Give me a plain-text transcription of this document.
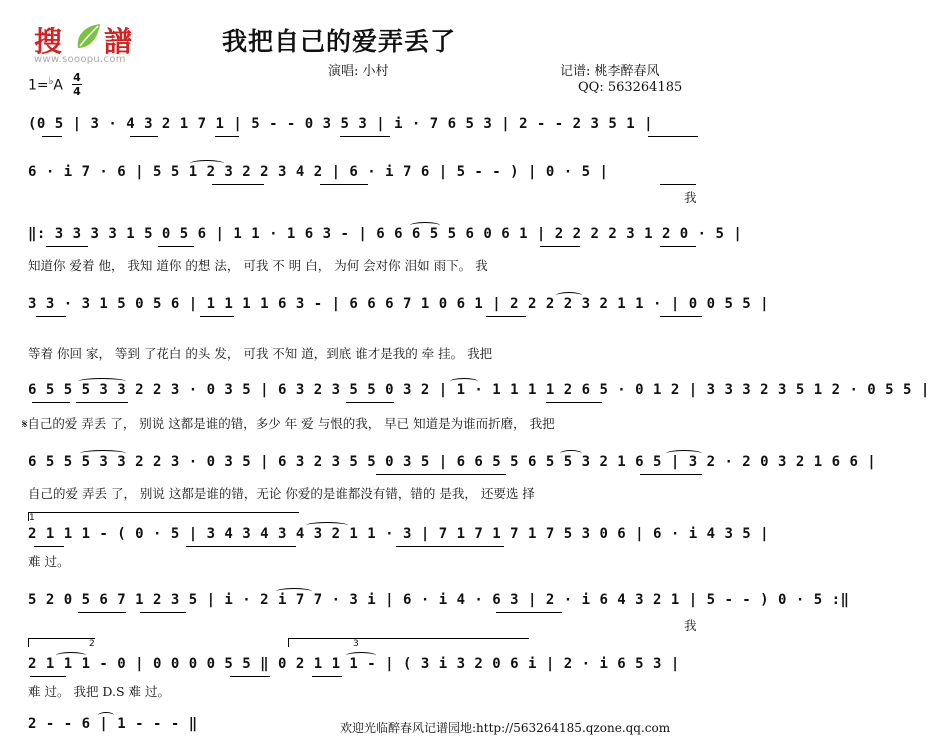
搜 譜
www.sooopu.com
我把自己的爱弄丢了
演唱: 小村	记谱: 桃李醉春风
QQ: 563264185
1=♭A
4
4
(0 5 | 3 · 4 3 2 1 7 1 | 5 - - 0 3 5 3 | i · 7 6 5 3 | 2 - - 2 3 5 1 |
6 · i 7 · 6 | 5 5 1 2 3 2 2 3 4 2 | 6 · i 7 6 | 5 - - ) | 0 · 5 |
我
‖: 3 3 3 3 1 5 0 5 6 | 1 1 · 1 6 3 - | 6 6 6 5 5 6 0 6 1 | 2 2 2 2 3 1 2 0 · 5 |
知道你 爱着 他， 我知 道你 的想 法， 可我 不 明 白， 为何 会对你 泪如 雨下。 我
3 3 · 3 1 5 0 5 6 | 1 1 1 1 6 3 - | 6 6 6 7 1 0 6 1 | 2 2 2 2 3 2 1 1 · | 0 0 5 5 |
等着 你回 家， 等到 了花白 的头 发， 可我 不知 道，到底 谁才是我的 牵 挂。 我把
6 5 5 5 3 3 2 2 3 · 0 3 5 | 6 3 2 3 5 5 0 3 2 | 1 · 1 1 1 1 2 6 5 · 0 1 2 | 3 3 3 2 3 5 1 2 · 0 5 5 |
𝄋自己的爱 弄丢 了， 别说 这都是谁的错，多少 年 爱 与恨的我， 早已 知道是为谁而折磨， 我把
6 5 5 5 3 3 2 2 3 · 0 3 5 | 6 3 2 3 5 5 0 3 5 | 6 6 5 5 6 5 5 3 2 1 6 5 | 3 2 · 2 0 3 2 1 6 6 |
自己的爱 弄丢 了， 别说 这都是谁的错，无论 你爱的是谁都没有错，错的 是我， 还要选 择
1
2 1 1 1 - ( 0 · 5 | 3 4 3 4 3 4 3 2 1 1 · 3 | 7 1 7 1 7 1 7 5 3 0 6 | 6 · i 4 3 5 |
难 过。
5 2 0 5 6 7 1 2 3 5 | i · 2 i 7 7 · 3 i | 6 · i 4 · 6 3 | 2 · i 6 4 3 2 1 | 5 - - ) 0 · 5 :‖
我
2	3
2 1 1 1 - 0 | 0 0 0 0 5 5 ‖ 0 2 1 1 1 - | ( 3 i 3 2 0 6 i | 2 · i 6 5 3 |
难 过。 我把 D.S 难 过。
2 - - 6 | 1 - - - ‖	欢迎光临醉春风记谱园地:http://563264185.qzone.qq.com
